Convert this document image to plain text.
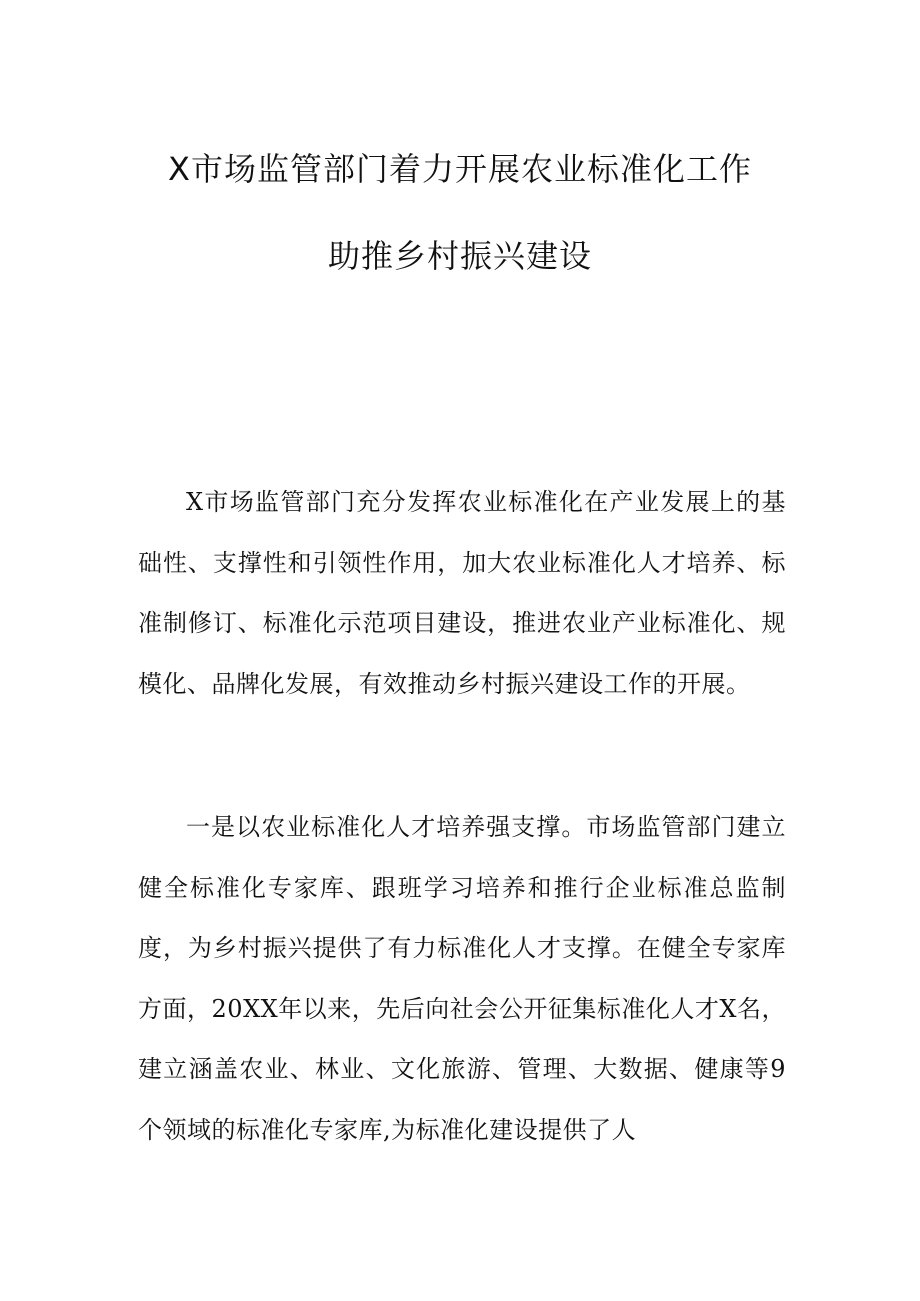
X市场监管部门着力开展农业标准化工作
助推乡村振兴建设

X市场监管部门充分发挥农业标准化在产业发展上的基础性、支撑性和引领性作用，加大农业标准化人才培养、标准制修订、标准化示范项目建设，推进农业产业标准化、规模化、品牌化发展，有效推动乡村振兴建设工作的开展。

一是以农业标准化人才培养强支撑。市场监管部门建立健全标准化专家库、跟班学习培养和推行企业标准总监制度，为乡村振兴提供了有力标准化人才支撑。在健全专家库方面，20XX年以来，先后向社会公开征集标准化人才X名，建立涵盖农业、林业、文化旅游、管理、大数据、健康等9个领域的标准化专家库,为标准化建设提供了人
